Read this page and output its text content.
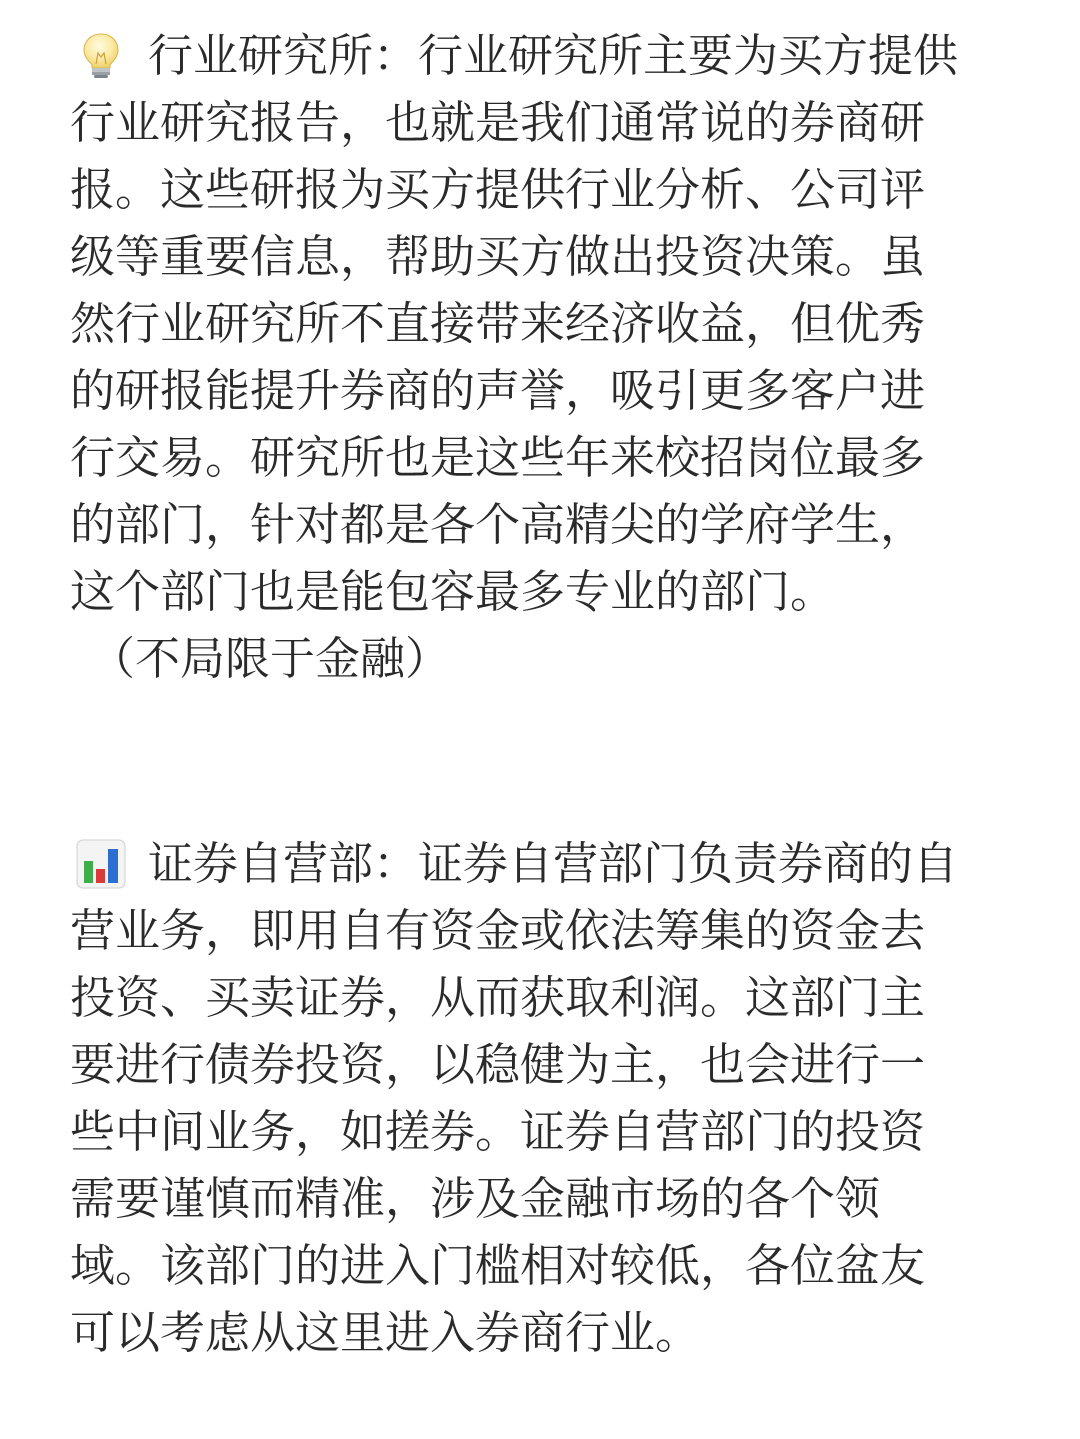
行业研究所：行业研究所主要为买方提供
行业研究报告，也就是我们通常说的券商研
报。这些研报为买方提供行业分析、公司评
级等重要信息，帮助买方做出投资决策。虽
然行业研究所不直接带来经济收益，但优秀
的研报能提升券商的声誉，吸引更多客户进
行交易。研究所也是这些年来校招岗位最多
的部门，针对都是各个高精尖的学府学生，
这个部门也是能包容最多专业的部门。
（不局限于金融）
证券自营部：证券自营部门负责券商的自
营业务，即用自有资金或依法筹集的资金去
投资、买卖证券，从而获取利润。这部门主
要进行债券投资，以稳健为主，也会进行一
些中间业务，如搓券。证券自营部门的投资
需要谨慎而精准，涉及金融市场的各个领
域。该部门的进入门槛相对较低，各位盆友
可以考虑从这里进入券商行业。
